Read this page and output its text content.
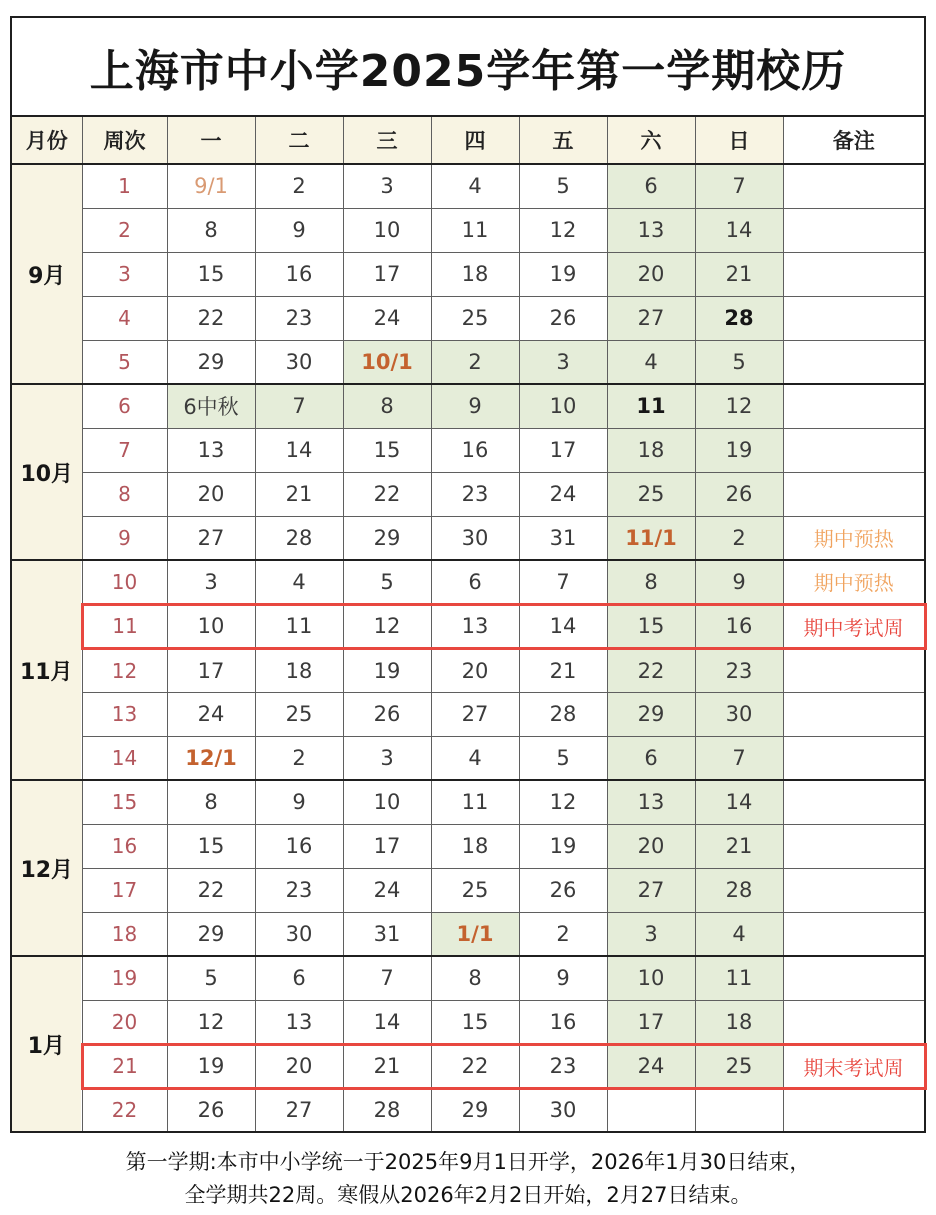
上海市中小学2025学年第一学期校历									
月份	周次	一	二	三	四	五	六	日	备注
9月	1	9/1	2	3	4	5	6	7	
	2	8	9	10	11	12	13	14	
	3	15	16	17	18	19	20	21	
	4	22	23	24	25	26	27	28	
	5	29	30	10/1	2	3	4	5	
10月	6	6中秋	7	8	9	10	11	12	
	7	13	14	15	16	17	18	19	
	8	20	21	22	23	24	25	26	
	9	27	28	29	30	31	11/1	2	期中预热
11月	10	3	4	5	6	7	8	9	期中预热
	11	10	11	12	13	14	15	16	期中考试周
	12	17	18	19	20	21	22	23	
	13	24	25	26	27	28	29	30	
	14	12/1	2	3	4	5	6	7	
12月	15	8	9	10	11	12	13	14	
	16	15	16	17	18	19	20	21	
	17	22	23	24	25	26	27	28	
	18	29	30	31	1/1	2	3	4	
1月	19	5	6	7	8	9	10	11	
	20	12	13	14	15	16	17	18	
	21	19	20	21	22	23	24	25	期末考试周
	22	26	27	28	29	30			
第一学期:本市中小学统一于2025年9月1日开学，2026年1月30日结束，
全学期共22周。寒假从2026年2月2日开始，2月27日结束。
